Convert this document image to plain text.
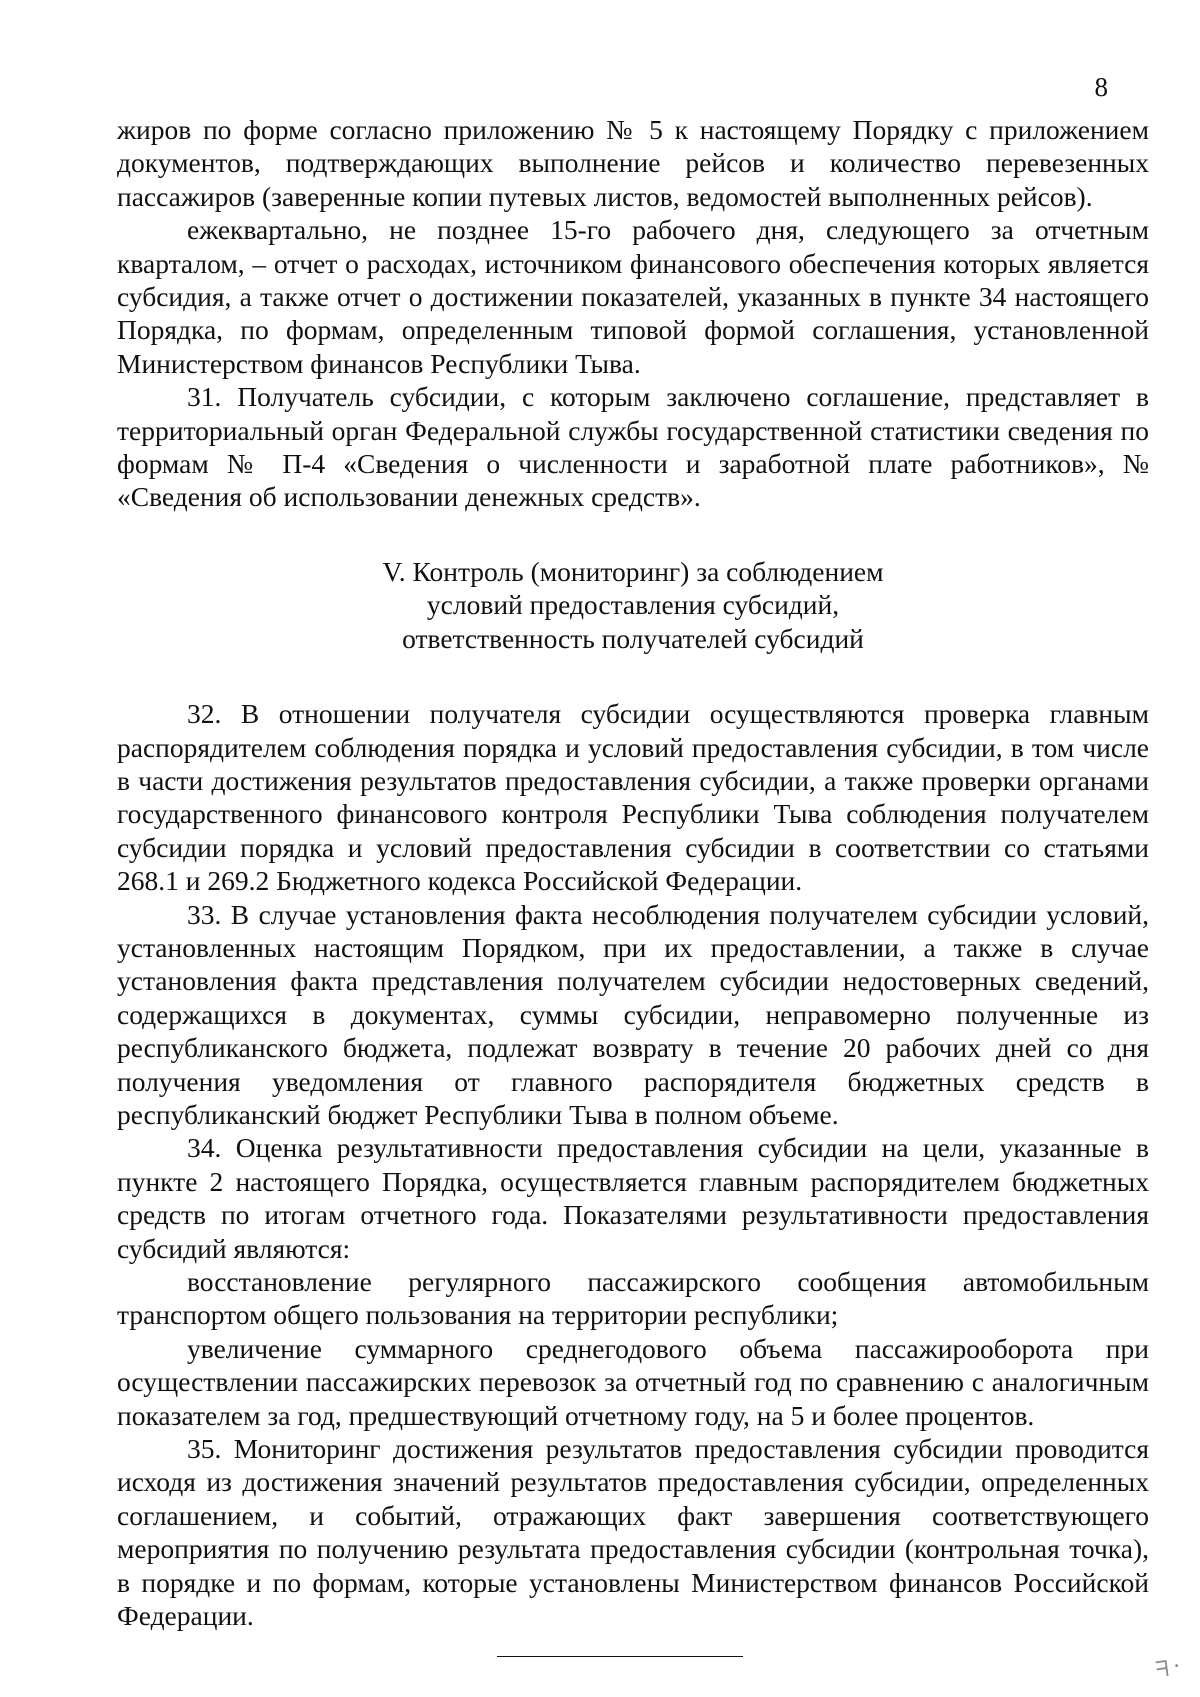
8

жиров по форме согласно приложению № 5 к настоящему Порядку с приложением документов, подтверждающих выполнение рейсов и количество перевезенных пассажиров (заверенные копии путевых листов, ведомостей выполненных рейсов).

ежеквартально, не позднее 15-го рабочего дня, следующего за отчетным кварталом, – отчет о расходах, источником финансового обеспечения которых является субсидия, а также отчет о достижении показателей, указанных в пункте 34 настоящего Порядка, по формам, определенным типовой формой соглашения, установленной Министерством финансов Республики Тыва.

31. Получатель субсидии, с которым заключено соглашение, представляет в территориальный орган Федеральной службы государственной статистики сведения по формам № П-4 «Сведения о численности и заработной плате работников», № «Сведения об использовании денежных средств».

V. Контроль (мониторинг) за соблюдением
условий предоставления субсидий,
ответственность получателей субсидий

32. В отношении получателя субсидии осуществляются проверка главным распорядителем соблюдения порядка и условий предоставления субсидии, в том числе в части достижения результатов предоставления субсидии, а также проверки органами государственного финансового контроля Республики Тыва соблюдения получателем субсидии порядка и условий предоставления субсидии в соответствии со статьями 268.1 и 269.2 Бюджетного кодекса Российской Федерации.

33. В случае установления факта несоблюдения получателем субсидии условий, установленных настоящим Порядком, при их предоставлении, а также в случае установления факта представления получателем субсидии недостоверных сведений, содержащихся в документах, суммы субсидии, неправомерно полученные из республиканского бюджета, подлежат возврату в течение 20 рабочих дней со дня получения уведомления от главного распорядителя бюджетных средств в республиканский бюджет Республики Тыва в полном объеме.

34. Оценка результативности предоставления субсидии на цели, указанные в пункте 2 настоящего Порядка, осуществляется главным распорядителем бюджетных средств по итогам отчетного года. Показателями результативности предоставления субсидий являются:

восстановление регулярного пассажирского сообщения автомобильным транспортом общего пользования на территории республики;

увеличение суммарного среднегодового объема пассажирооборота при осуществлении пассажирских перевозок за отчетный год по сравнению с аналогичным показателем за год, предшествующий отчетному году, на 5 и более процентов.

35. Мониторинг достижения результатов предоставления субсидии проводится исходя из достижения значений результатов предоставления субсидии, определенных соглашением, и событий, отражающих факт завершения соответствующего мероприятия по получению результата предоставления субсидии (контрольная точка), в порядке и по формам, которые установлены Министерством финансов Российской Федерации.

ᖷ᠂
